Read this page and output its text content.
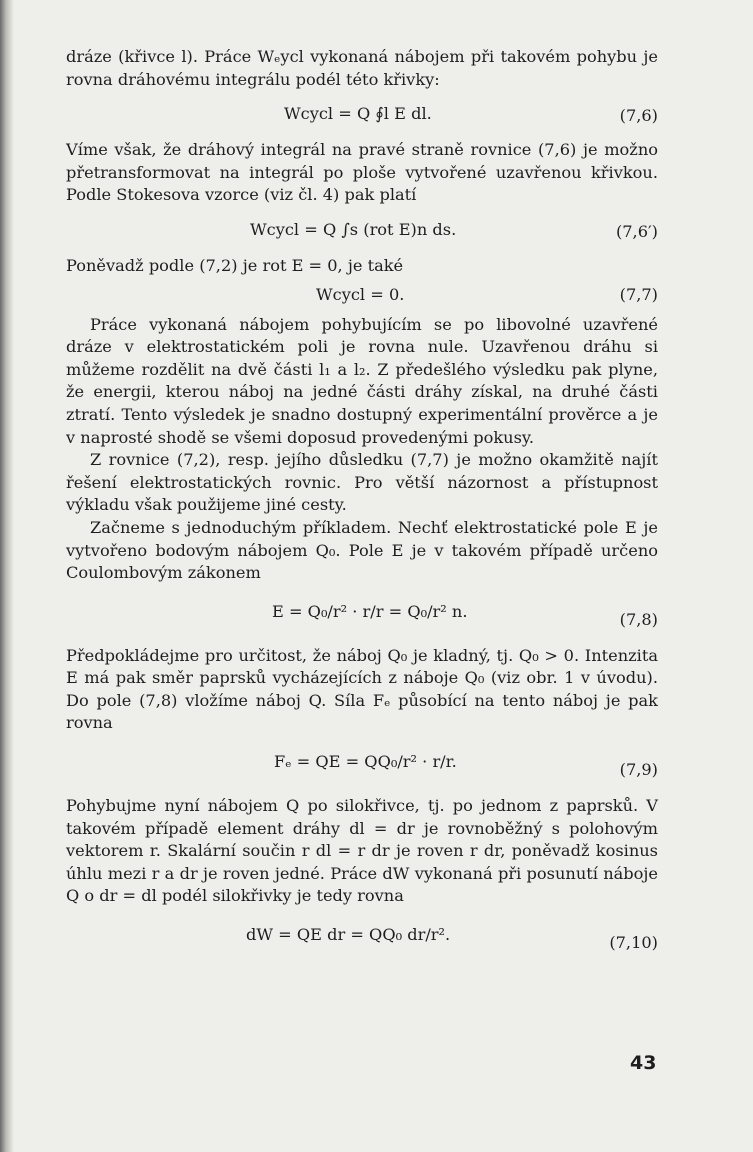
dráze (křivce l). Práce Wₑycl vykonaná nábojem při takovém pohybu je rovna dráhovému integrálu podél této křivky:

Wcycl = Q ∮l E dl.	(7,6)

Víme však, že dráhový integrál na pravé straně rovnice (7,6) je možno přetransformovat na integrál po ploše vytvořené uzavřenou křivkou. Podle Stokesova vzorce (viz čl. 4) pak platí

Wcycl = Q ∫s (rot E)n ds.	(7,6′)

Poněvadž podle (7,2) je rot E = 0, je také

Wcycl = 0.	(7,7)

Práce vykonaná nábojem pohybujícím se po libovolné uzavřené dráze v elektrostatickém poli je rovna nule. Uzavřenou dráhu si můžeme rozdělit na dvě části l₁ a l₂. Z předešlého výsledku pak plyne, že energii, kterou náboj na jedné části dráhy získal, na druhé části ztratí. Tento výsledek je snadno dostupný experimentální prověrce a je v naprosté shodě se všemi doposud provedenými pokusy.

Z rovnice (7,2), resp. jejího důsledku (7,7) je možno okamžitě najít řešení elektrostatických rovnic. Pro větší názornost a přístupnost výkladu však použijeme jiné cesty.

Začneme s jednoduchým příkladem. Nechť elektrostatické pole E je vytvořeno bodovým nábojem Q₀. Pole E je v takovém případě určeno Coulombovým zákonem

E = Q₀/r² · r/r = Q₀/r² n.	(7,8)

Předpokládejme pro určitost, že náboj Q₀ je kladný, tj. Q₀ > 0. Intenzita E má pak směr paprsků vycházejících z náboje Q₀ (viz obr. 1 v úvodu). Do pole (7,8) vložíme náboj Q. Síla Fₑ působící na tento náboj je pak rovna

Fₑ = QE = QQ₀/r² · r/r.	(7,9)

Pohybujme nyní nábojem Q po silokřivce, tj. po jednom z paprsků. V takovém případě element dráhy dl = dr je rovnoběžný s polohovým vektorem r. Skalární součin r dl = r dr je roven r dr, poněvadž kosinus úhlu mezi r a dr je roven jedné. Práce dW vykonaná při posunutí náboje Q o dr = dl podél silokřivky je tedy rovna

dW = QE dr = QQ₀ dr/r².	(7,10)
43
